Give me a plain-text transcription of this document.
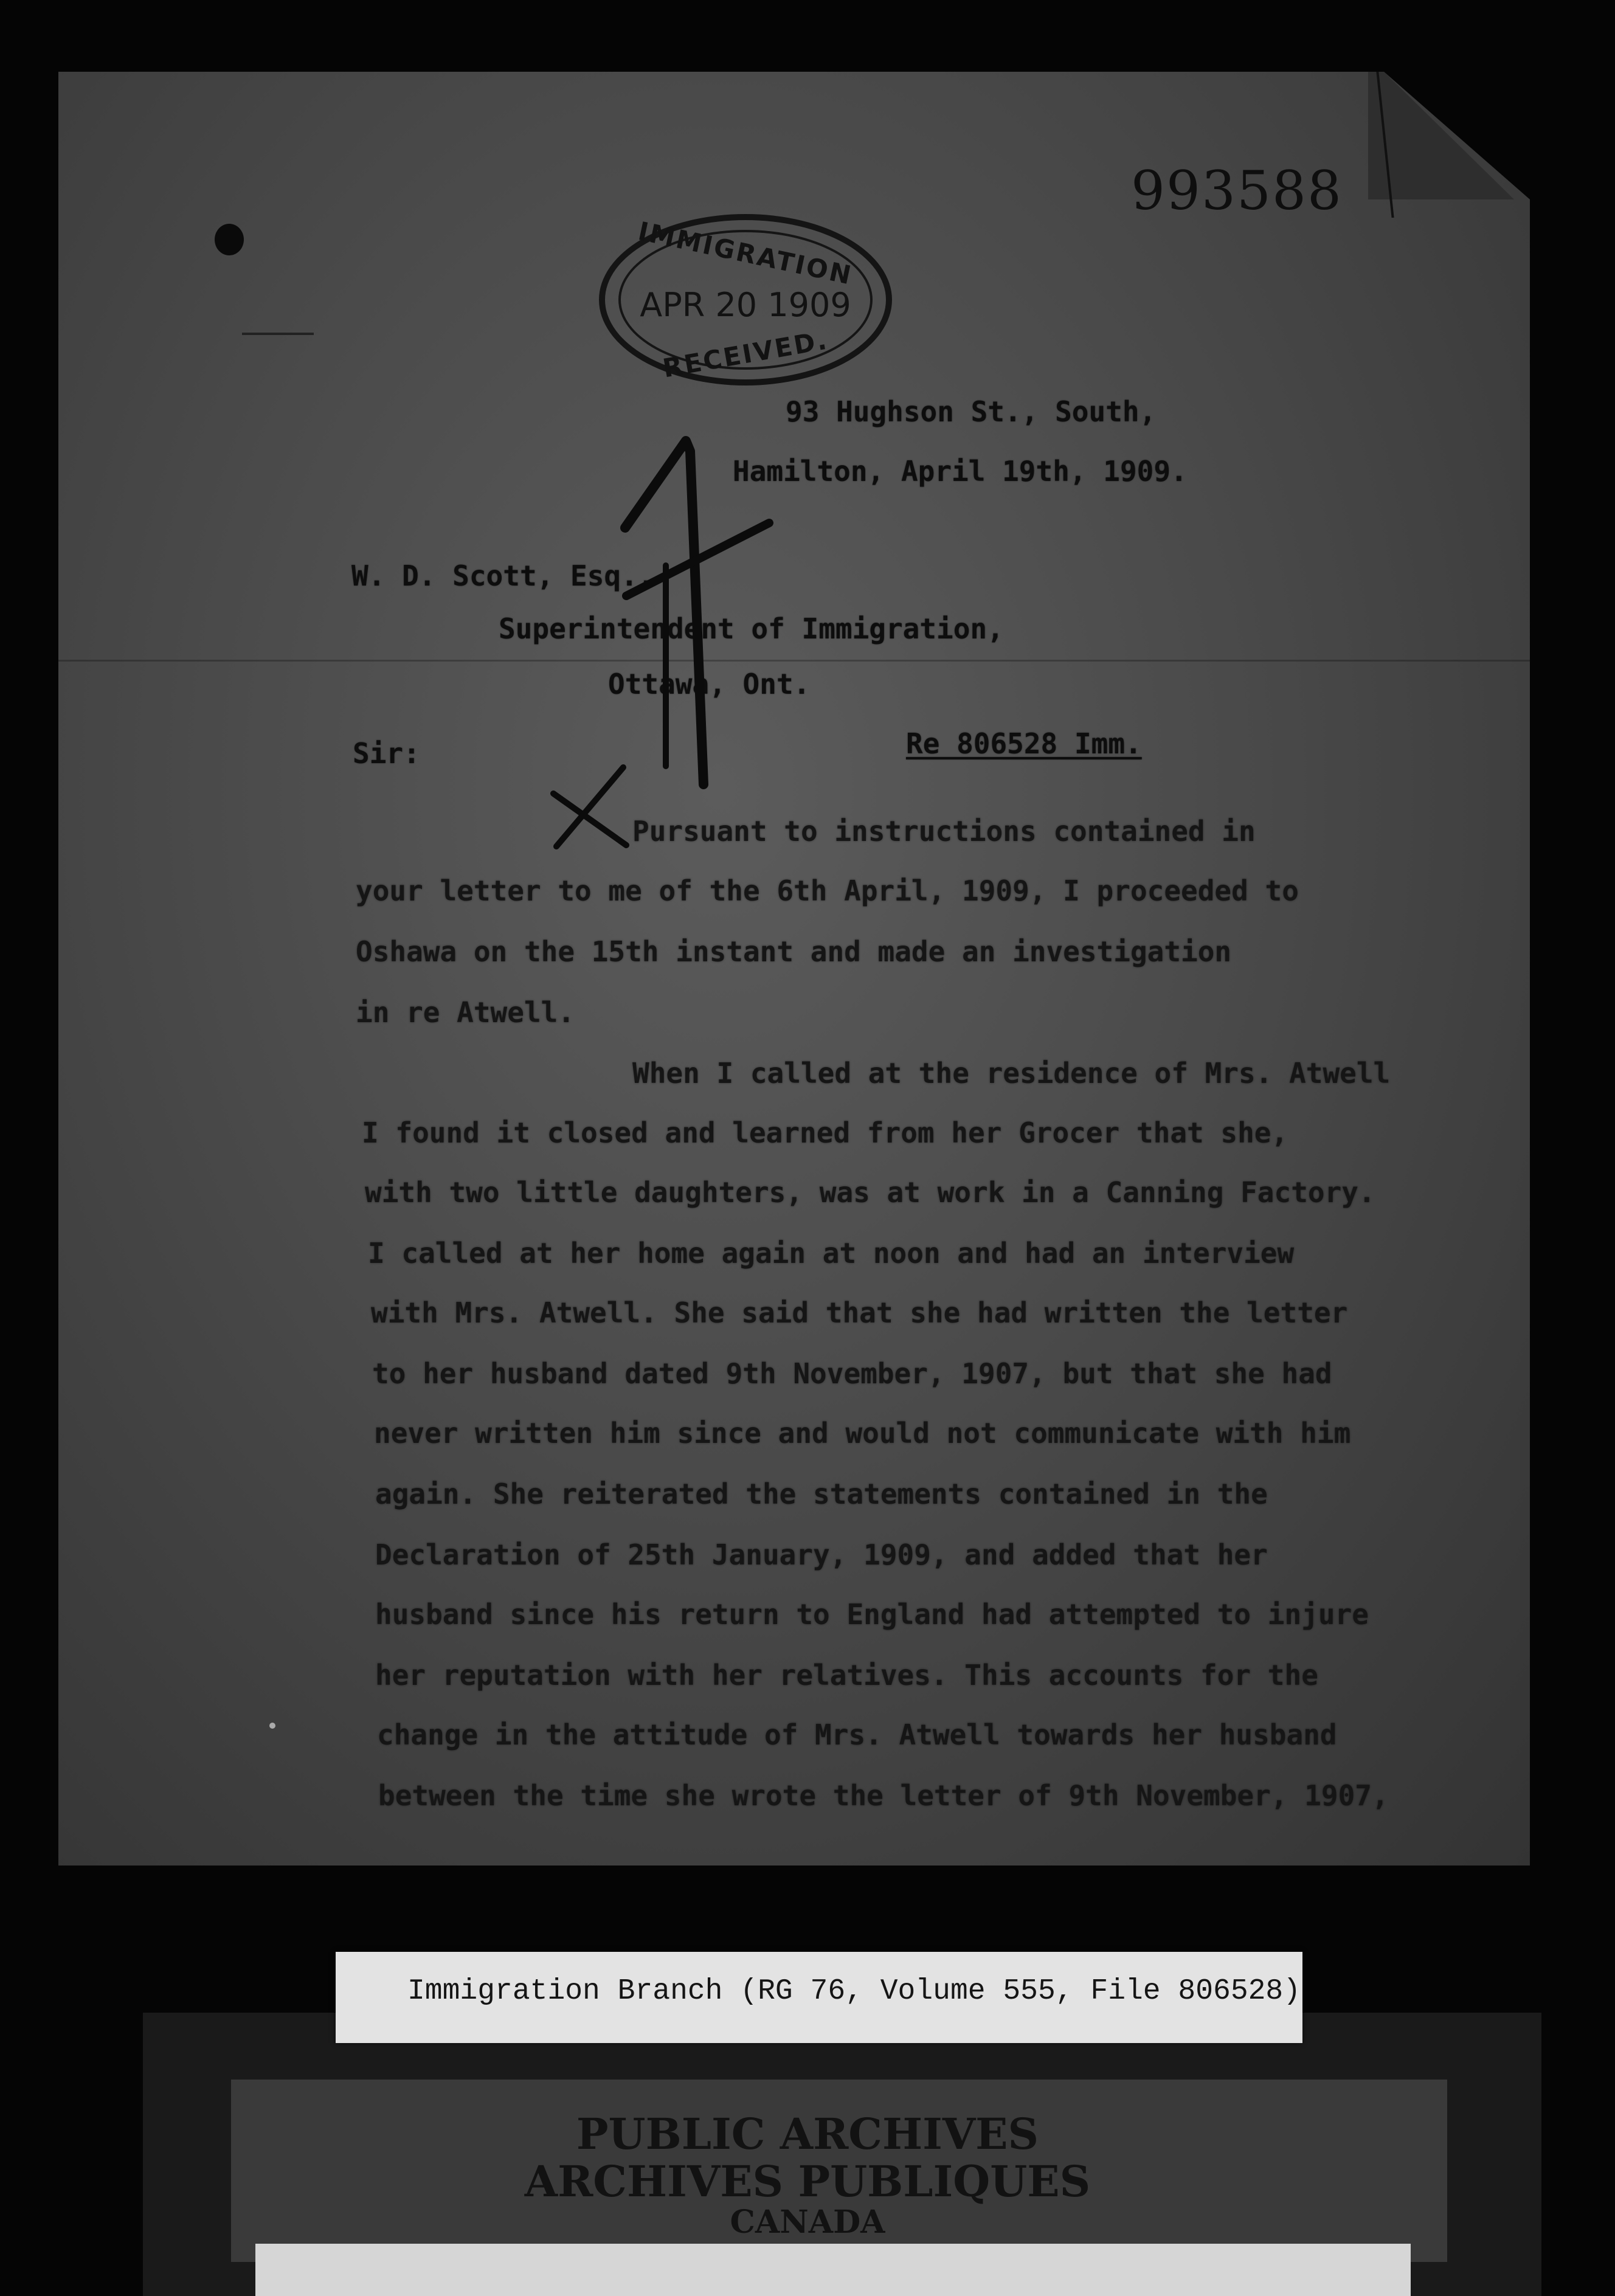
993588
IMMIGRATION
APR 20 1909
RECEIVED.
93 Hughson St., South,
Hamilton, April 19th, 1909.
W. D. Scott, Esq.,
Superintendent of Immigration,
Ottawa, Ont.
Sir:	Re 806528 Imm.
Pursuant to instructions contained in
your letter to me of the 6th April, 1909, I proceeded to
Oshawa on the 15th instant and made an investigation
in re Atwell.
When I called at the residence of Mrs. Atwell
I found it closed and learned from her Grocer that she,
with two little daughters, was at work in a Canning Factory.
I called at her home again at noon and had an interview
with Mrs. Atwell. She said that she had written the letter
to her husband dated 9th November, 1907, but that she had
never written him since and would not communicate with him
again. She reiterated the statements contained in the
Declaration of 25th January, 1909, and added that her
husband since his return to England had attempted to injure
her reputation with her relatives. This accounts for the
change in the attitude of Mrs. Atwell towards her husband
between the time she wrote the letter of 9th November, 1907,
Immigration Branch (RG 76, Volume 555, File 806528)
PUBLIC ARCHIVES
ARCHIVES PUBLIQUES
CANADA
